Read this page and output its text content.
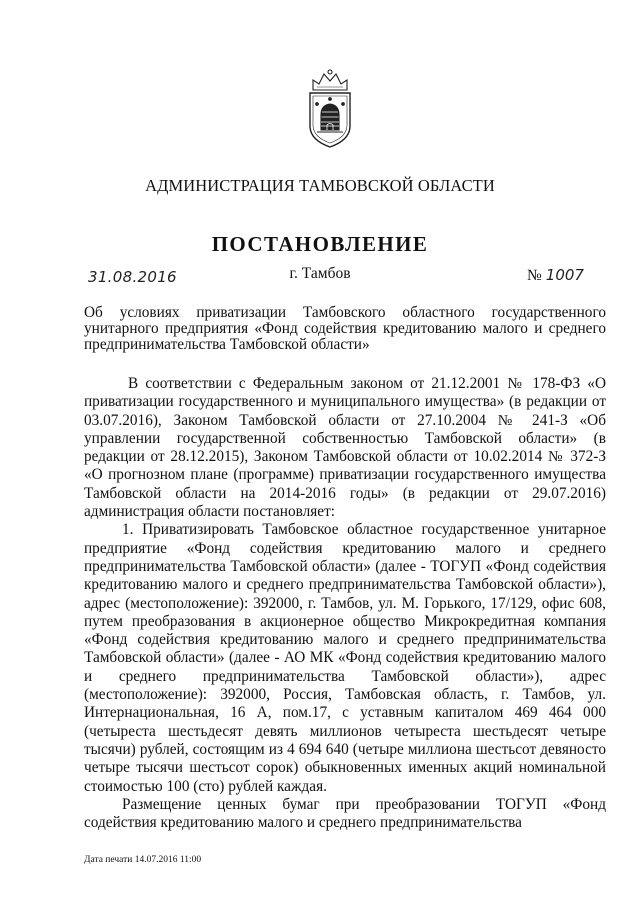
АДМИНИСТРАЦИЯ ТАМБОВСКОЙ ОБЛАСТИ
ПОСТАНОВЛЕНИЕ
31.08.2016	г. Тамбов	№ 1007
Об условиях приватизации Тамбовского областного государственного унитарного предприятия «Фонд содействия кредитованию малого и среднего предпринимательства Тамбовской области»

В соответствии с Федеральным законом от 21.12.2001 № 178-ФЗ «О приватизации государственного и муниципального имущества» (в редакции от 03.07.2016), Законом Тамбовской области от 27.10.2004 № 241-З «Об управлении государственной собственностью Тамбовской области» (в редакции от 28.12.2015), Законом Тамбовской области от 10.02.2014 № 372-З «О прогнозном плане (программе) приватизации государственного имущества Тамбовской области на 2014-2016 годы» (в редакции от 29.07.2016) администрация области постановляет:

1. Приватизировать Тамбовское областное государственное унитарное предприятие «Фонд содействия кредитованию малого и среднего предпринимательства Тамбовской области» (далее - ТОГУП «Фонд содействия кредитованию малого и среднего предпринимательства Тамбовской области»), адрес (местоположение): 392000, г. Тамбов, ул. М. Горького, 17/129, офис 608, путем преобразования в акционерное общество Микрокредитная компания «Фонд содействия кредитованию малого и среднего предпринимательства Тамбовской области» (далее - АО МК «Фонд содействия кредитованию малого и среднего предпринимательства Тамбовской области»), адрес (местоположение): 392000, Россия, Тамбовская область, г. Тамбов, ул. Интернациональная, 16 А, пом.17, с уставным капиталом 469 464 000 (четыреста шестьдесят девять миллионов четыреста шестьдесят четыре тысячи) рублей, состоящим из 4 694 640 (четыре миллиона шестьсот девяносто четыре тысячи шестьсот сорок) обыкновенных именных акций номинальной стоимостью 100 (сто) рублей каждая.

Размещение ценных бумаг при преобразовании ТОГУП «Фонд содействия кредитованию малого и среднего предпринимательства

Дата печати 14.07.2016 11:00
